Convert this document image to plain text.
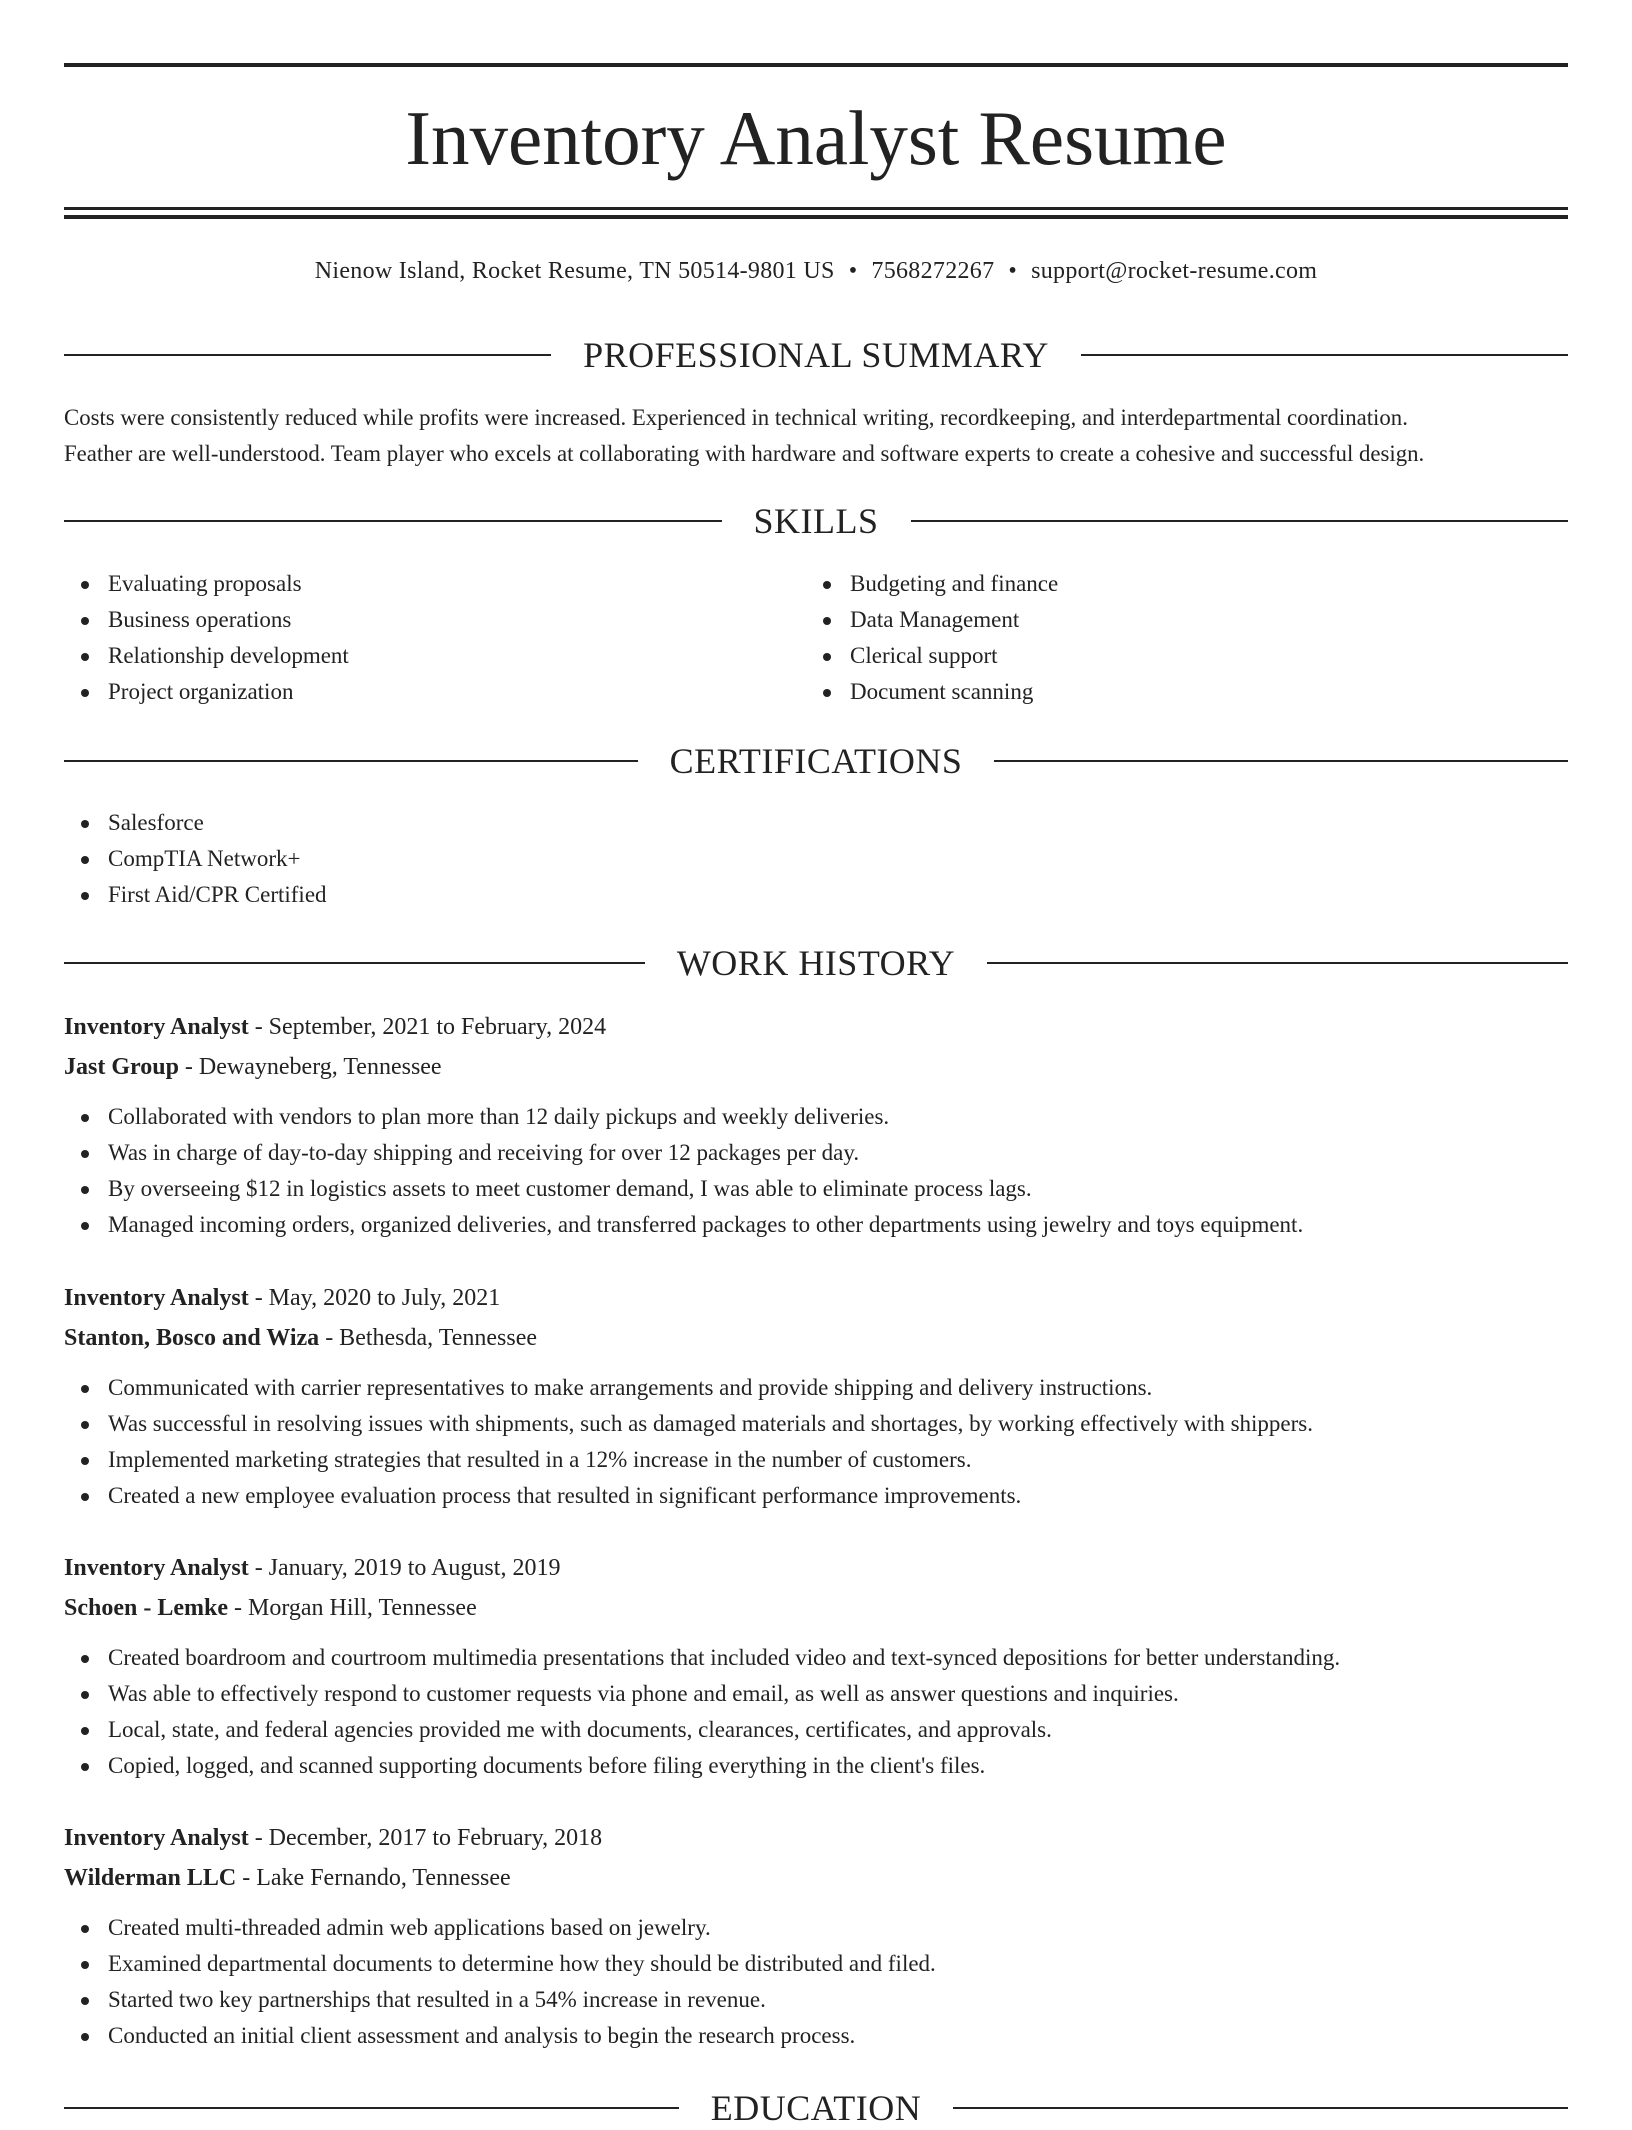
Inventory Analyst Resume
Nienow Island, Rocket Resume, TN 50514-9801 US • 7568272267 • support@rocket-resume.com
PROFESSIONAL SUMMARY

Costs were consistently reduced while profits were increased. Experienced in technical writing, recordkeeping, and interdepartmental coordination.
Feather are well-understood. Team player who excels at collaborating with hardware and software experts to create a cohesive and successful design.

SKILLS
Evaluating proposals
Business operations
Relationship development
Project organization
Budgeting and finance
Data Management
Clerical support
Document scanning
CERTIFICATIONS
Salesforce
CompTIA Network+
First Aid/CPR Certified
WORK HISTORY
Inventory Analyst - September, 2021 to February, 2024
Jast Group - Dewayneberg, Tennessee
Collaborated with vendors to plan more than 12 daily pickups and weekly deliveries.
Was in charge of day-to-day shipping and receiving for over 12 packages per day.
By overseeing $12 in logistics assets to meet customer demand, I was able to eliminate process lags.
Managed incoming orders, organized deliveries, and transferred packages to other departments using jewelry and toys equipment.
Inventory Analyst - May, 2020 to July, 2021
Stanton, Bosco and Wiza - Bethesda, Tennessee
Communicated with carrier representatives to make arrangements and provide shipping and delivery instructions.
Was successful in resolving issues with shipments, such as damaged materials and shortages, by working effectively with shippers.
Implemented marketing strategies that resulted in a 12% increase in the number of customers.
Created a new employee evaluation process that resulted in significant performance improvements.
Inventory Analyst - January, 2019 to August, 2019
Schoen - Lemke - Morgan Hill, Tennessee
Created boardroom and courtroom multimedia presentations that included video and text-synced depositions for better understanding.
Was able to effectively respond to customer requests via phone and email, as well as answer questions and inquiries.
Local, state, and federal agencies provided me with documents, clearances, certificates, and approvals.
Copied, logged, and scanned supporting documents before filing everything in the client's files.
Inventory Analyst - December, 2017 to February, 2018
Wilderman LLC - Lake Fernando, Tennessee
Created multi-threaded admin web applications based on jewelry.
Examined departmental documents to determine how they should be distributed and filed.
Started two key partnerships that resulted in a 54% increase in revenue.
Conducted an initial client assessment and analysis to begin the research process.
EDUCATION
